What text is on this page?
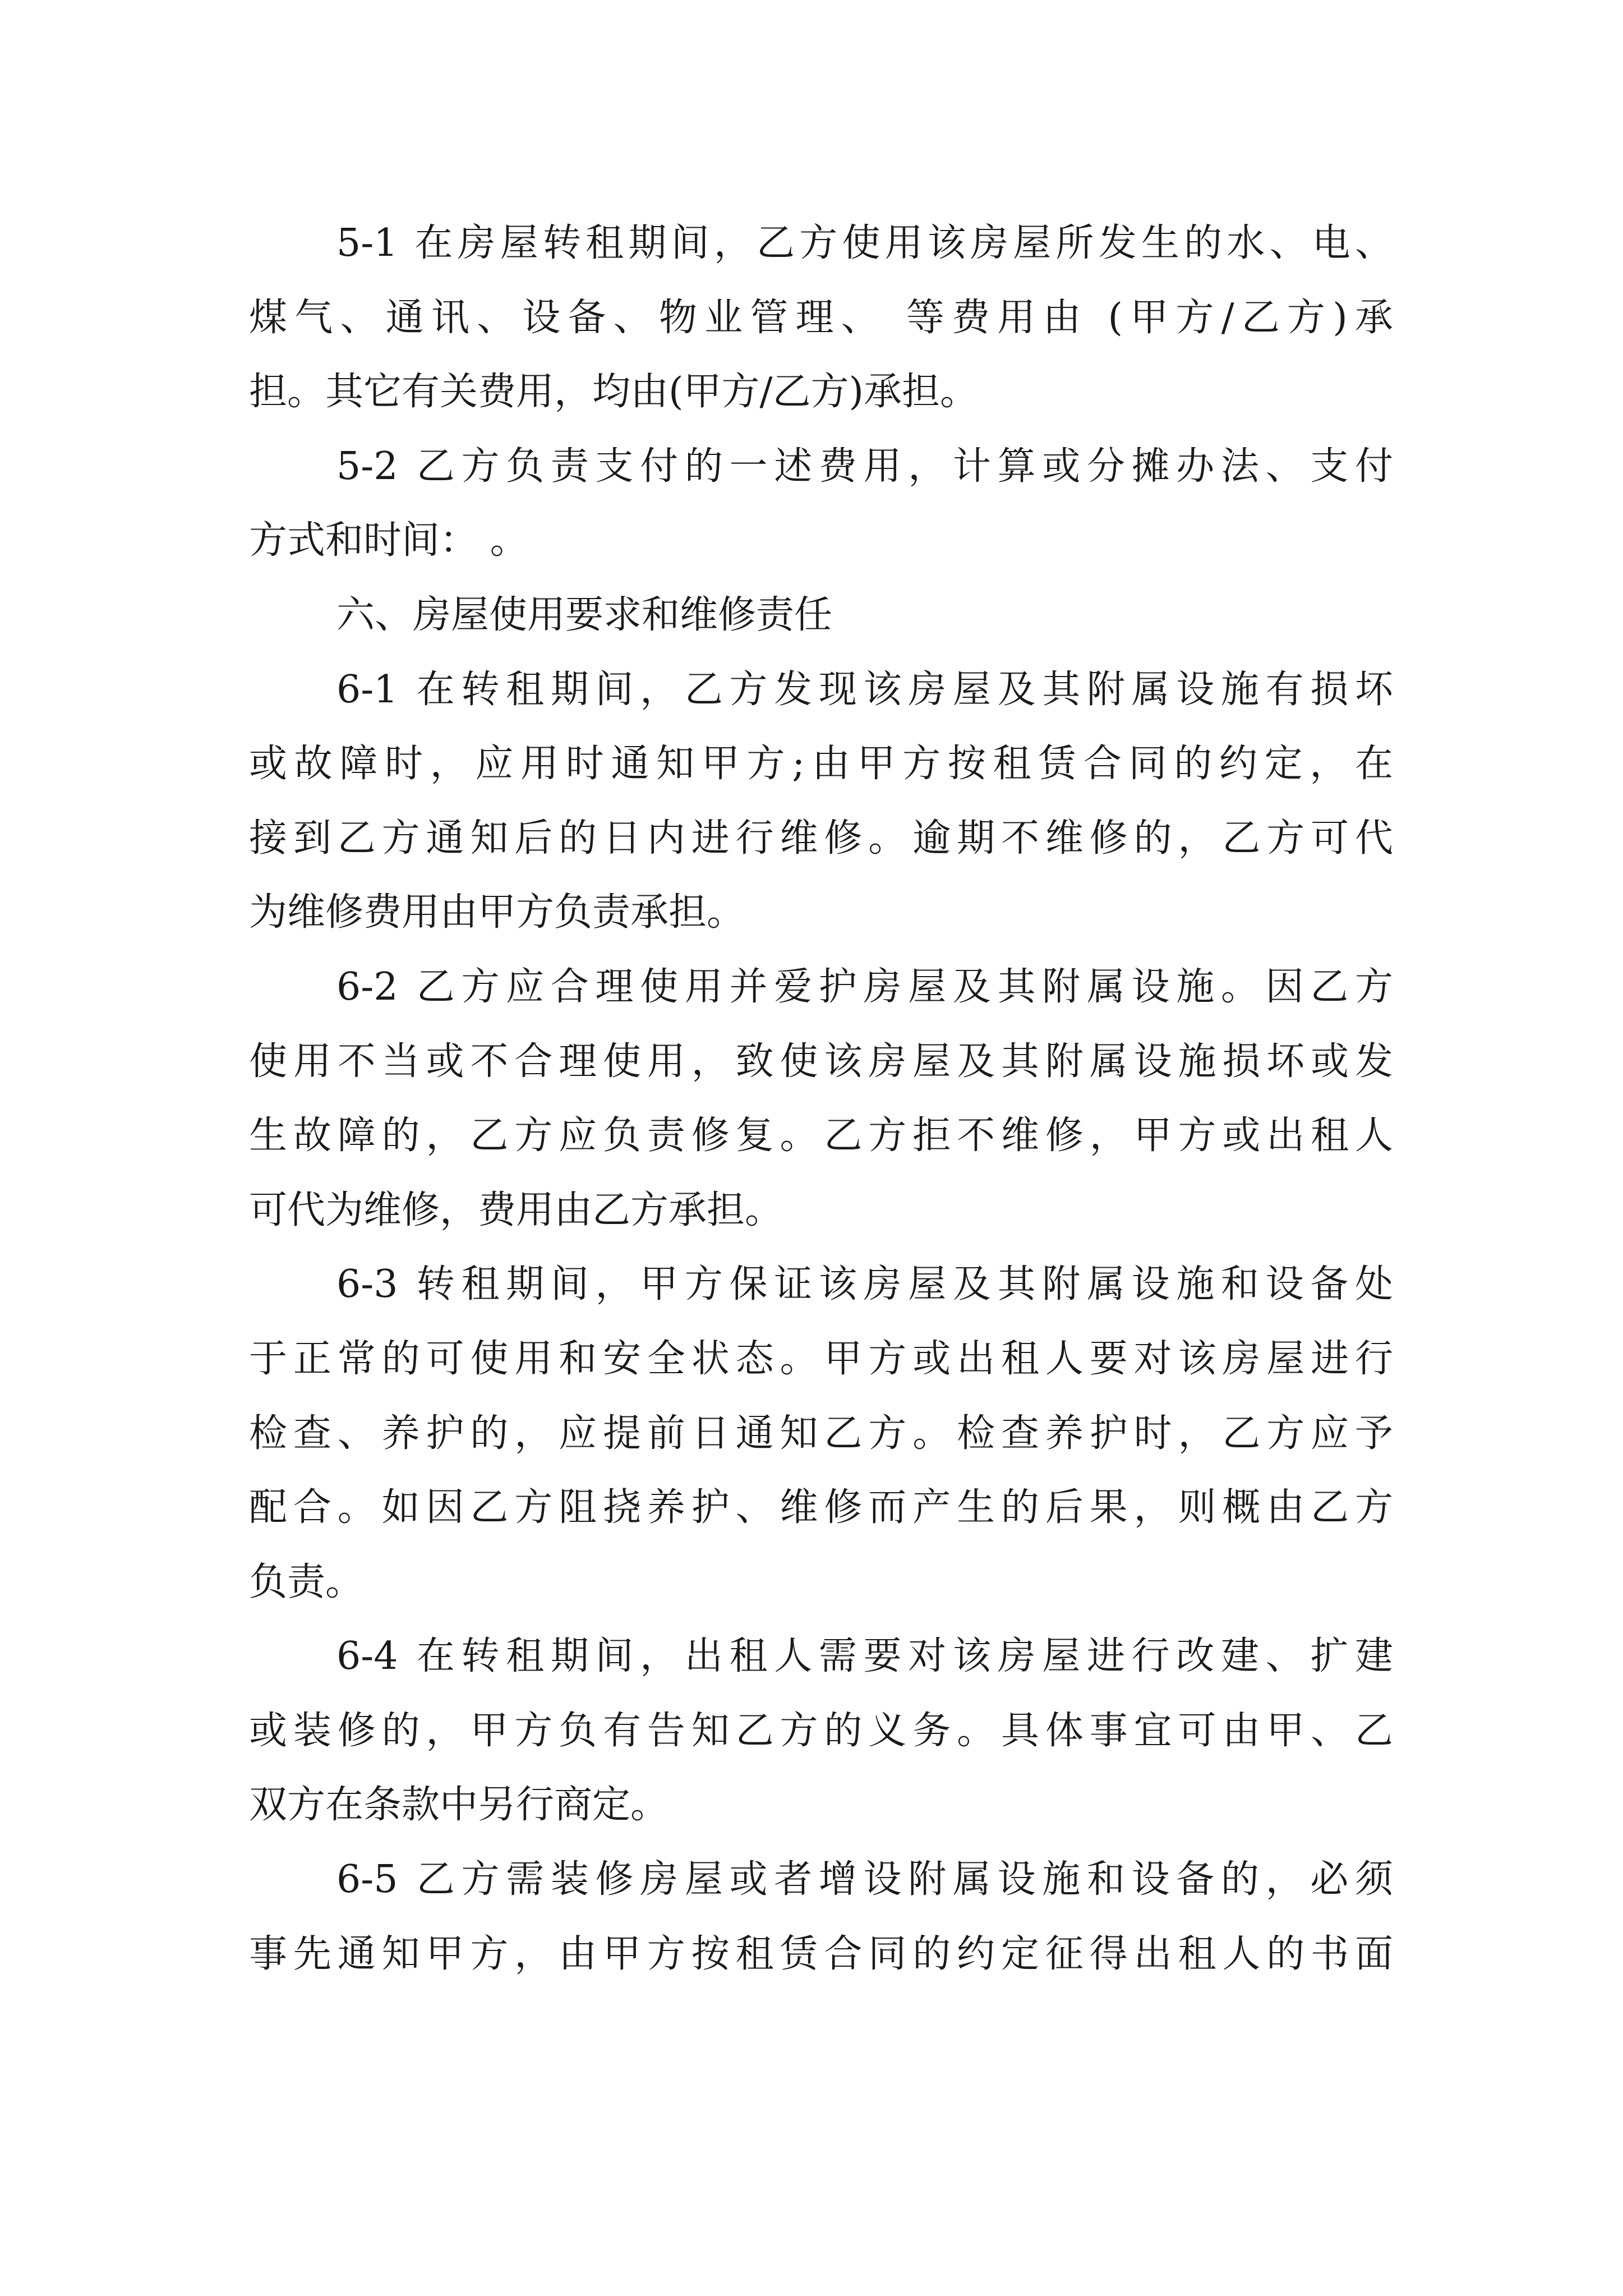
5-1 在房屋转租期间，乙方使用该房屋所发生的水、电、
煤气、通讯、设备、物业管理、 等费用由 (甲方/乙方)承
担。其它有关费用，均由(甲方/乙方)承担。
5-2 乙方负责支付的一述费用，计算或分摊办法、支付
方式和时间： 。
六、房屋使用要求和维修责任
6-1 在转租期间，乙方发现该房屋及其附属设施有损坏
或故障时，应用时通知甲方;由甲方按租赁合同的约定，在
接到乙方通知后的日内进行维修。逾期不维修的，乙方可代
为维修费用由甲方负责承担。
6-2 乙方应合理使用并爱护房屋及其附属设施。因乙方
使用不当或不合理使用，致使该房屋及其附属设施损坏或发
生故障的，乙方应负责修复。乙方拒不维修，甲方或出租人
可代为维修，费用由乙方承担。
6-3 转租期间，甲方保证该房屋及其附属设施和设备处
于正常的可使用和安全状态。甲方或出租人要对该房屋进行
检查、养护的，应提前日通知乙方。检查养护时，乙方应予
配合。如因乙方阻挠养护、维修而产生的后果，则概由乙方
负责。
6-4 在转租期间，出租人需要对该房屋进行改建、扩建
或装修的，甲方负有告知乙方的义务。具体事宜可由甲、乙
双方在条款中另行商定。
6-5 乙方需装修房屋或者增设附属设施和设备的，必须
事先通知甲方，由甲方按租赁合同的约定征得出租人的书面
